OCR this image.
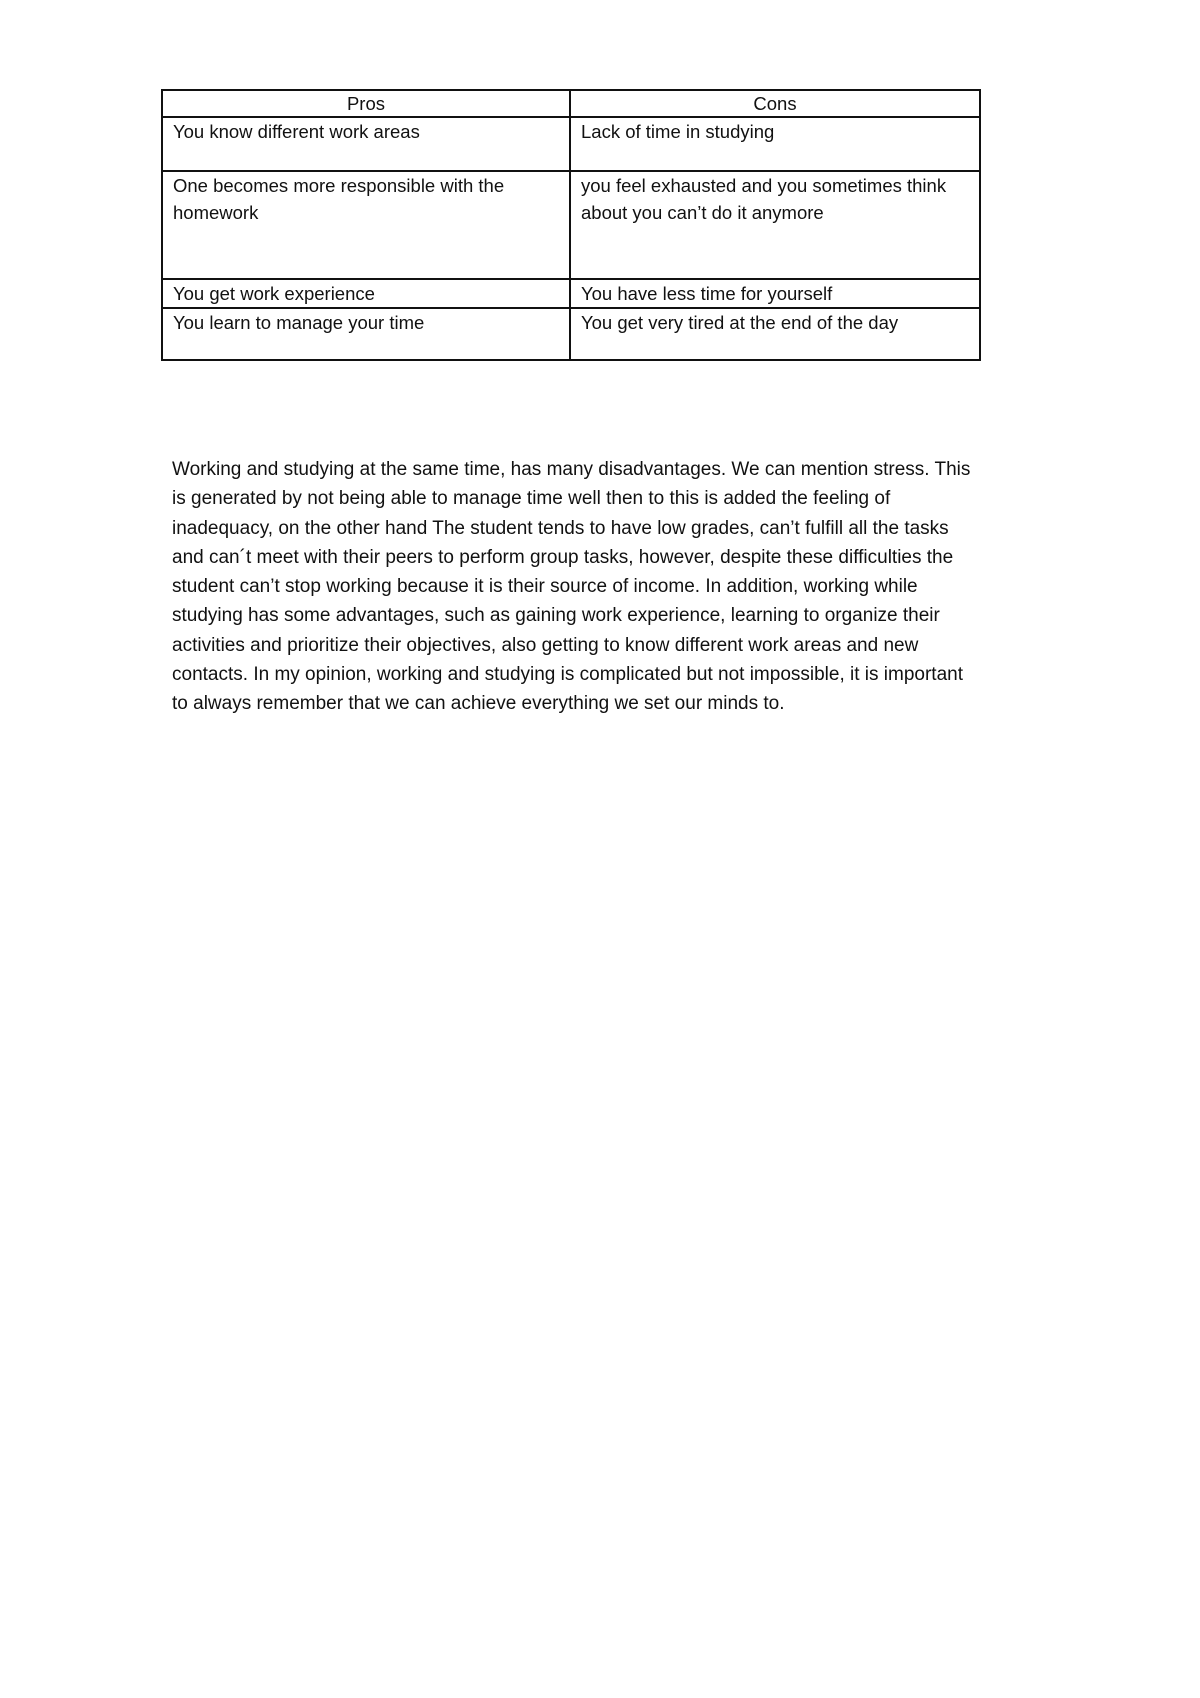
Pros	Cons
You know different work areas	Lack of time in studying
One becomes more responsible with the homework	you feel exhausted and you sometimes think about you can’t do it anymore
You get work experience	You have less time for yourself
You learn to manage your time	You get very tired at the end of the day
Working and studying at the same time, has many disadvantages. We can mention stress. This
is generated by not being able to manage time well then to this is added the feeling of
inadequacy, on the other hand The student tends to have low grades, can’t fulfill all the tasks
and can´t meet with their peers to perform group tasks, however, despite these difficulties the
student can’t stop working because it is their source of income. In addition, working while
studying has some advantages, such as gaining work experience, learning to organize their
activities and prioritize their objectives, also getting to know different work areas and new
contacts. In my opinion, working and studying is complicated but not impossible, it is important
to always remember that we can achieve everything we set our minds to.
